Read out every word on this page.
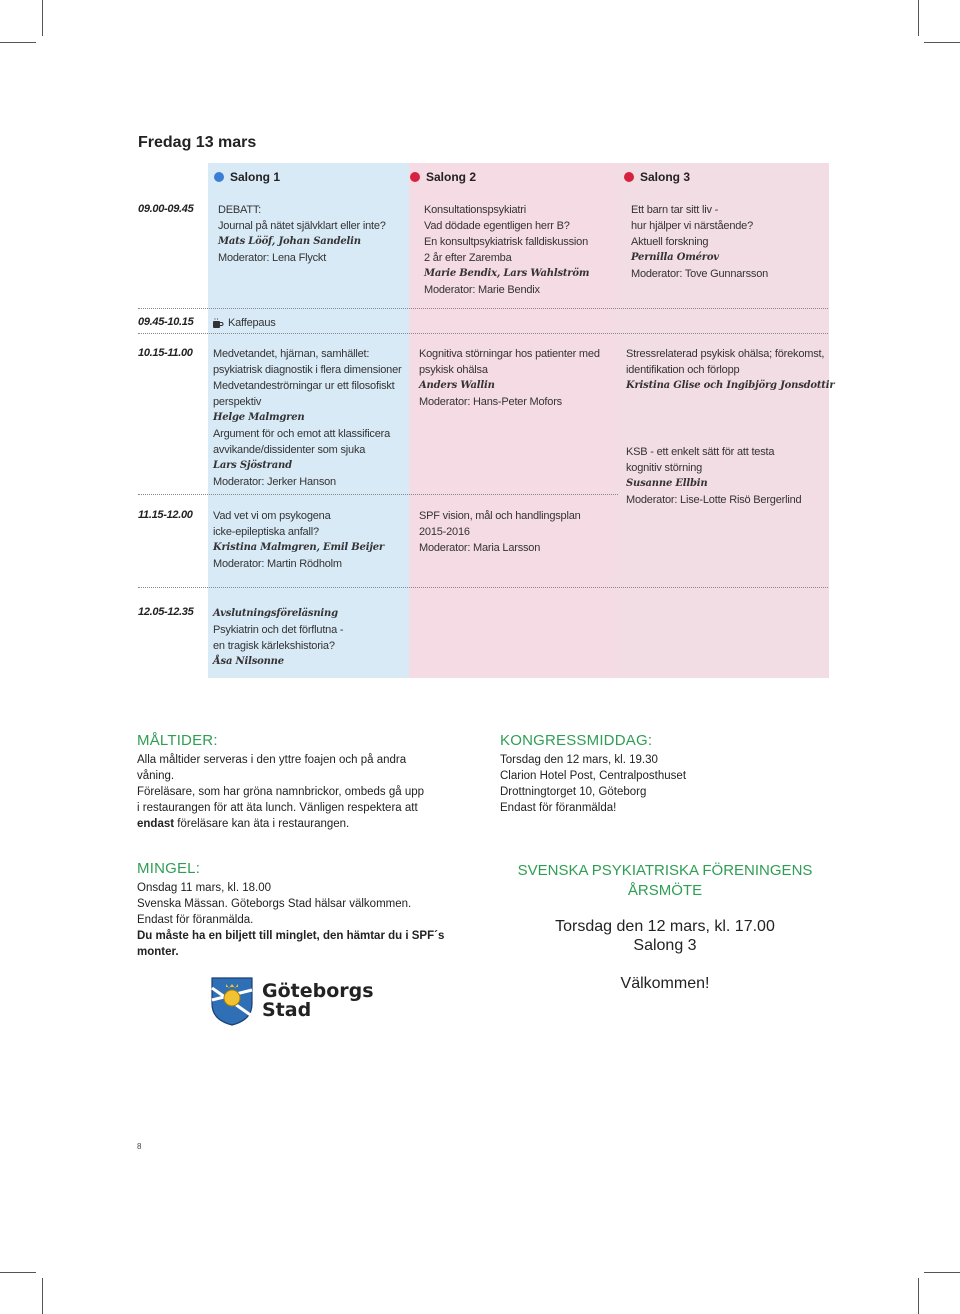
Fredag 13 mars
Salong 1	Salong 2	Salong 3
09.00-09.45
09.45-10.15
10.15-11.00
11.15-12.00
12.05-12.35
DEBATT:
Journal på nätet självklart eller inte?
Mats Lööf, Johan Sandelin
Moderator: Lena Flyckt
Konsultationspsykiatri
Vad dödade egentligen herr B?
En konsultpsykiatrisk falldiskussion
2 år efter Zaremba
Marie Bendix, Lars Wahlström
Moderator: Marie Bendix
Ett barn tar sitt liv -
hur hjälper vi närstående?
Aktuell forskning
Pernilla Omérov
Moderator: Tove Gunnarsson
Kaffepaus
Medvetandet, hjärnan, samhället:
psykiatrisk diagnostik i flera dimensioner
Medvetandeströrningar ur ett filosofiskt
perspektiv
Helge Malmgren
Argument för och emot att klassificera
avvikande/dissidenter som sjuka
Lars Sjöstrand
Moderator: Jerker Hanson
Kognitiva störningar hos patienter med
psykisk ohälsa
Anders Wallin
Moderator: Hans-Peter Mofors
Stressrelaterad psykisk ohälsa; förekomst,
identifikation och förlopp
Kristina Glise och Ingibjörg Jonsdottir
KSB - ett enkelt sätt för att testa
kognitiv störning
Susanne Ellbin
Moderator: Lise-Lotte Risö Bergerlind
Vad vet vi om psykogena
icke-epileptiska anfall?
Kristina Malmgren, Emil Beijer
Moderator: Martin Rödholm
SPF vision, mål och handlingsplan
2015-2016
Moderator: Maria Larsson
Avslutningsföreläsning
Psykiatrin och det förflutna -
en tragisk kärlekshistoria?
Åsa Nilsonne
MÅLTIDER:
Alla måltider serveras i den yttre foajen och på andra
våning.
Föreläsare, som har gröna namnbrickor, ombeds gå upp
i restaurangen för att äta lunch. Vänligen respektera att
endast föreläsare kan äta i restaurangen.
KONGRESSMIDDAG:
Torsdag den 12 mars, kl. 19.30
Clarion Hotel Post, Centralposthuset
Drottningtorget 10, Göteborg
Endast för föranmälda!
MINGEL:
Onsdag 11 mars, kl. 18.00
Svenska Mässan. Göteborgs Stad hälsar välkommen.
Endast för föranmälda.
Du måste ha en biljett till minglet, den hämtar du i SPF´s
monter.
SVENSKA PSYKIATRISKA FÖRENINGENS
ÅRSMÖTE
Torsdag den 12 mars, kl. 17.00
Salong 3
Välkommen!
Göteborgs
Stad
8
